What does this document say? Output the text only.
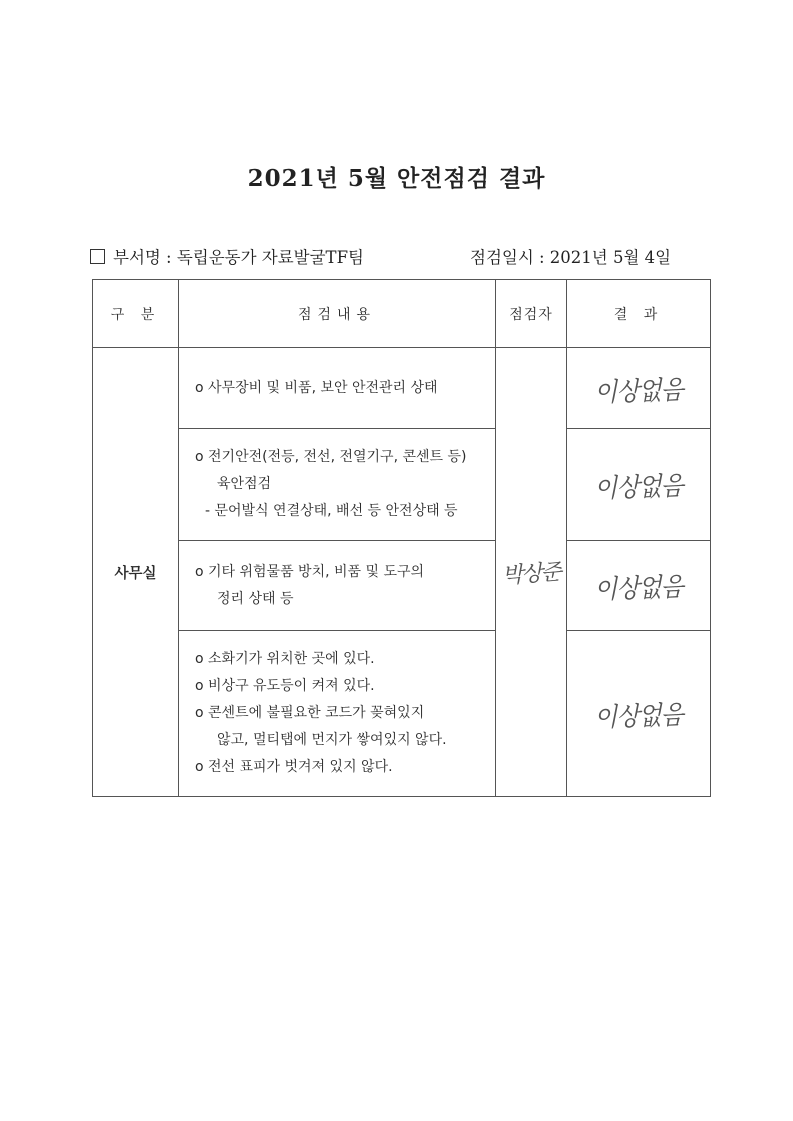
2021년 5월 안전점검 결과
부서명 : 독립운동가 자료발굴TF팀	점검일시 : 2021년 5월 4일
구 분	점검내용	점검자	결 과
사무실	o 사무장비 및 비품, 보안 안전관리 상태	박상준	이상없음

	o 전기안전(전등, 전선, 전열기구, 콘센트 등)
육안점검
- 문어발식 연결상태, 배선 등 안전상태 등		이상없음

	o 기타 위험물품 방치, 비품 및 도구의
정리 상태 등		이상없음

	o 소화기가 위치한 곳에 있다.
o 비상구 유도등이 켜져 있다.
o 콘센트에 불필요한 코드가 꽂혀있지
않고, 멀티탭에 먼지가 쌓여있지 않다.
o 전선 표피가 벗겨져 있지 않다.		이상없음
